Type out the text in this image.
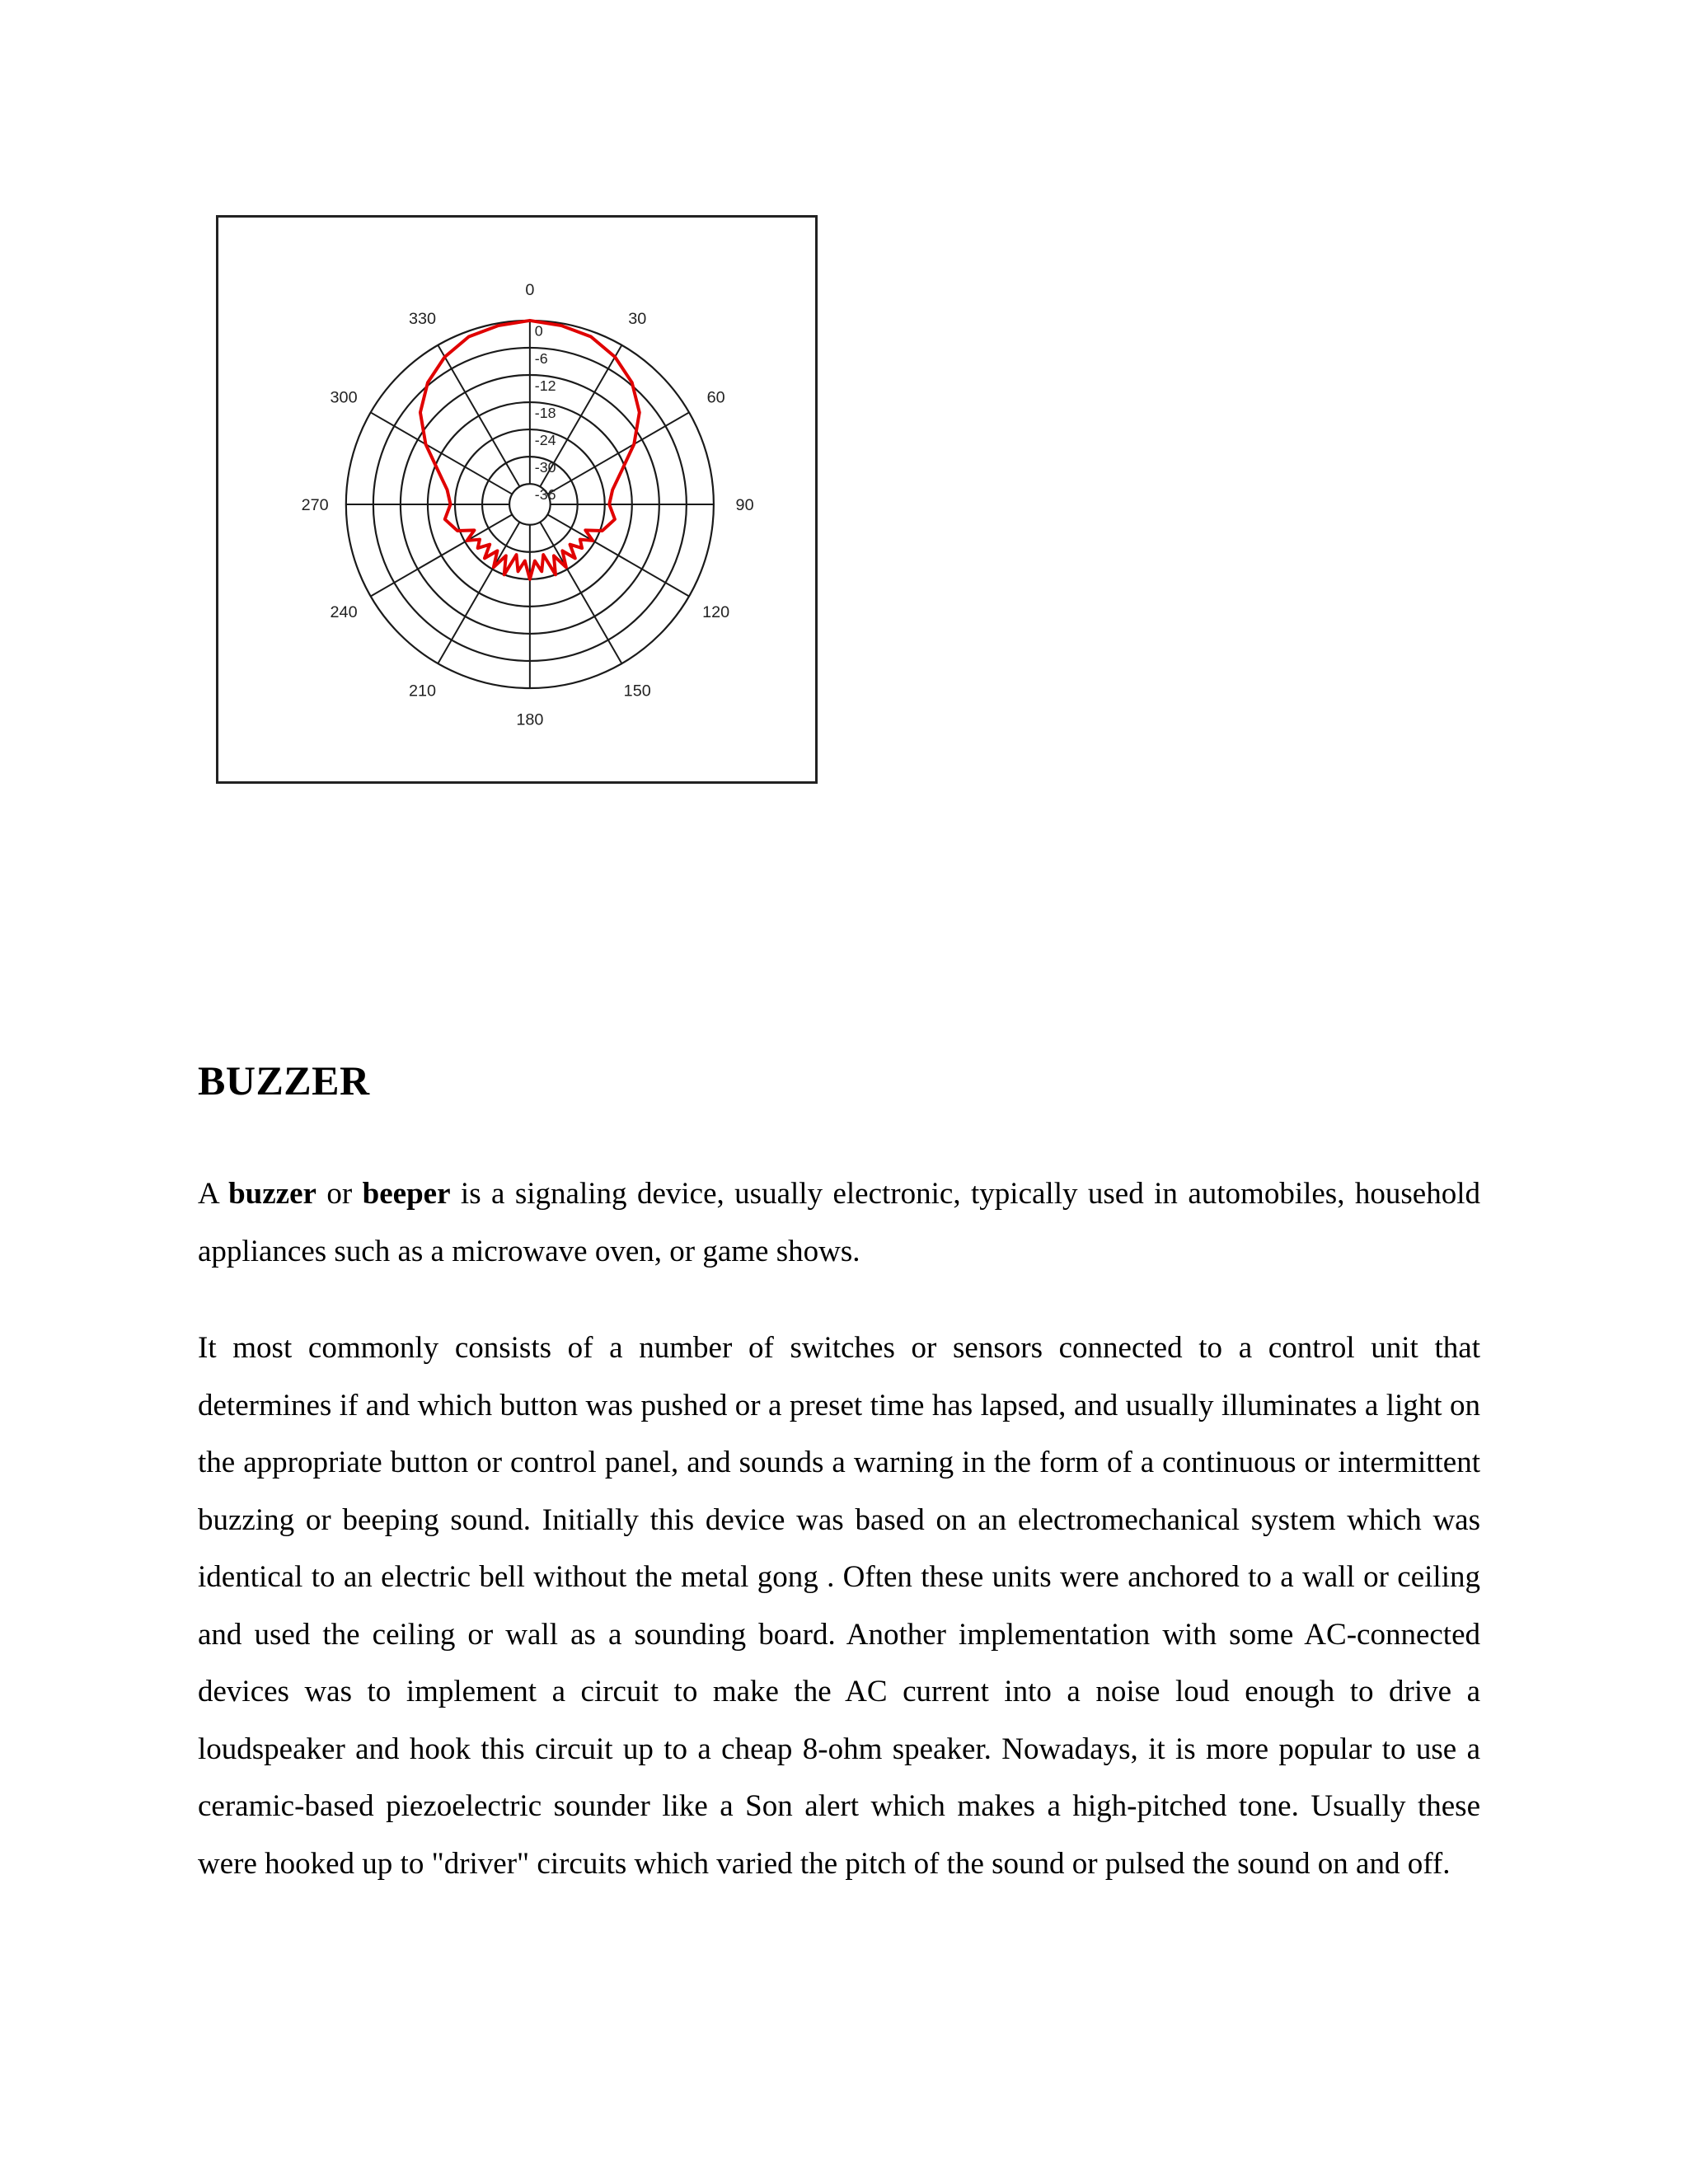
0
30
60
90
120
150
180
210
240
270
300
330
0
-6
-12
-18
-24
-30
-36
BUZZER

A buzzer or beeper is a signaling device, usually electronic, typically used in automobiles, household appliances such as a microwave oven, or game shows.

It most commonly consists of a number of switches or sensors connected to a control unit that determines if and which button was pushed or a preset time has lapsed, and usually illuminates a light on the appropriate button or control panel, and sounds a warning in the form of a continuous or intermittent buzzing or beeping sound. Initially this device was based on an electromechanical system which was identical to an electric bell without the metal gong . Often these units were anchored to a wall or ceiling and used the ceiling or wall as a sounding board. Another implementation with some AC-connected devices was to implement a circuit to make the AC current into a noise loud enough to drive a loudspeaker and hook this circuit up to a cheap 8-ohm speaker. Nowadays, it is more popular to use a ceramic-based piezoelectric sounder like a Son alert which makes a high-pitched tone. Usually these were hooked up to "driver" circuits which varied the pitch of the sound or pulsed the sound on and off.
